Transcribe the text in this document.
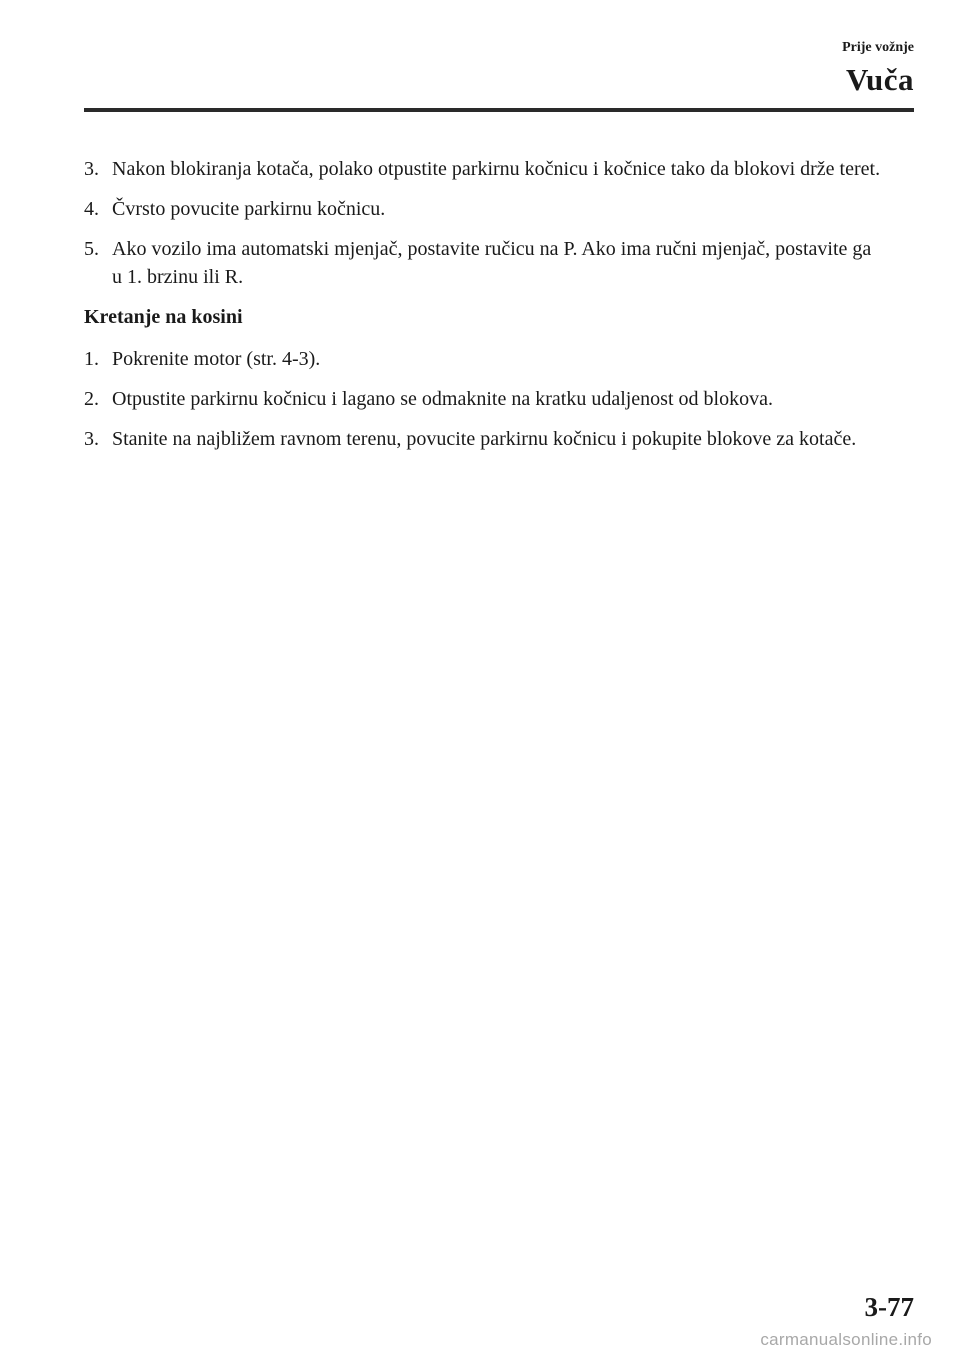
Prije vožnje
Vuča
3. Nakon blokiranja kotača, polako otpustite parkirnu kočnicu i kočnice tako da blokovi drže teret.
4. Čvrsto povucite parkirnu kočnicu.
5. Ako vozilo ima automatski mjenjač, postavite ručicu na P. Ako ima ručni mjenjač, postavite ga u 1. brzinu ili R.
Kretanje na kosini
1. Pokrenite motor (str. 4-3).
2. Otpustite parkirnu kočnicu i lagano se odmaknite na kratku udaljenost od blokova.
3. Stanite na najbližem ravnom terenu, povucite parkirnu kočnicu i pokupite blokove za kotače.
3-77
carmanualsonline.info
